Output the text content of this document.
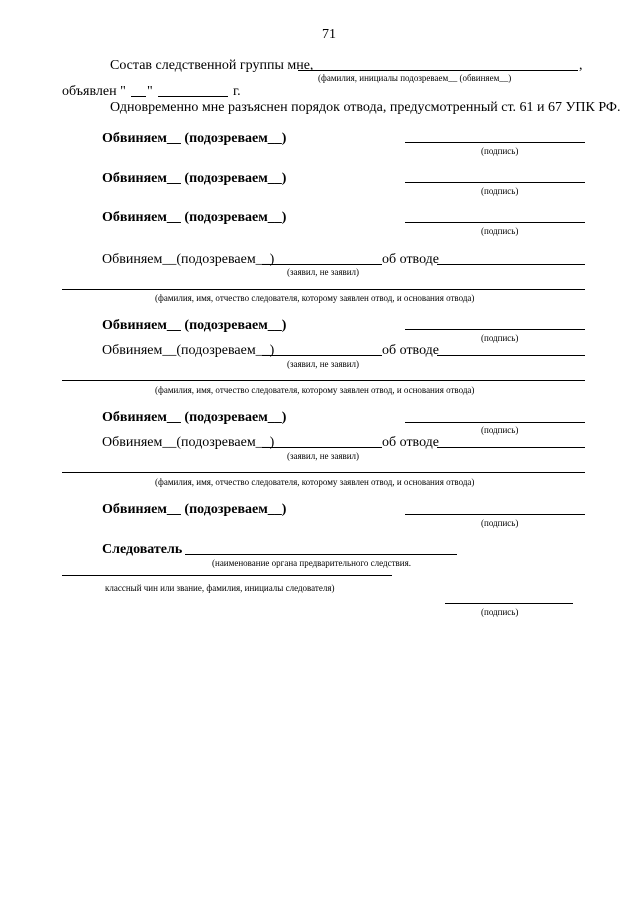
71
Состав следственной группы мне,	,
(фамилия, инициалы подозреваем__ (обвиняем__)
объявлен " "	г.
Одновременно мне разъяснен порядок отвода, предусмотренный ст. 61 и 67 УПК РФ.
Обвиняем__ (подозреваем__)
(подпись)
Обвиняем__ (подозреваем__)
(подпись)
Обвиняем__ (подозреваем__)
(подпись)
Обвиняем__(подозреваем__)	об отводе
(заявил, не заявил)
(фамилия, имя, отчество следователя, которому заявлен отвод, и основания отвода)
Обвиняем__ (подозреваем__)
(подпись)
Обвиняем__(подозреваем__)	об отводе
(заявил, не заявил)
(фамилия, имя, отчество следователя, которому заявлен отвод, и основания отвода)
Обвиняем__ (подозреваем__)
(подпись)
Обвиняем__(подозреваем__)	об отводе
(заявил, не заявил)
(фамилия, имя, отчество следователя, которому заявлен отвод, и основания отвода)
Обвиняем__ (подозреваем__)
(подпись)
Следователь
(наименование органа предварительного следствия.
классный чин или звание, фамилия, инициалы следователя)
(подпись)
